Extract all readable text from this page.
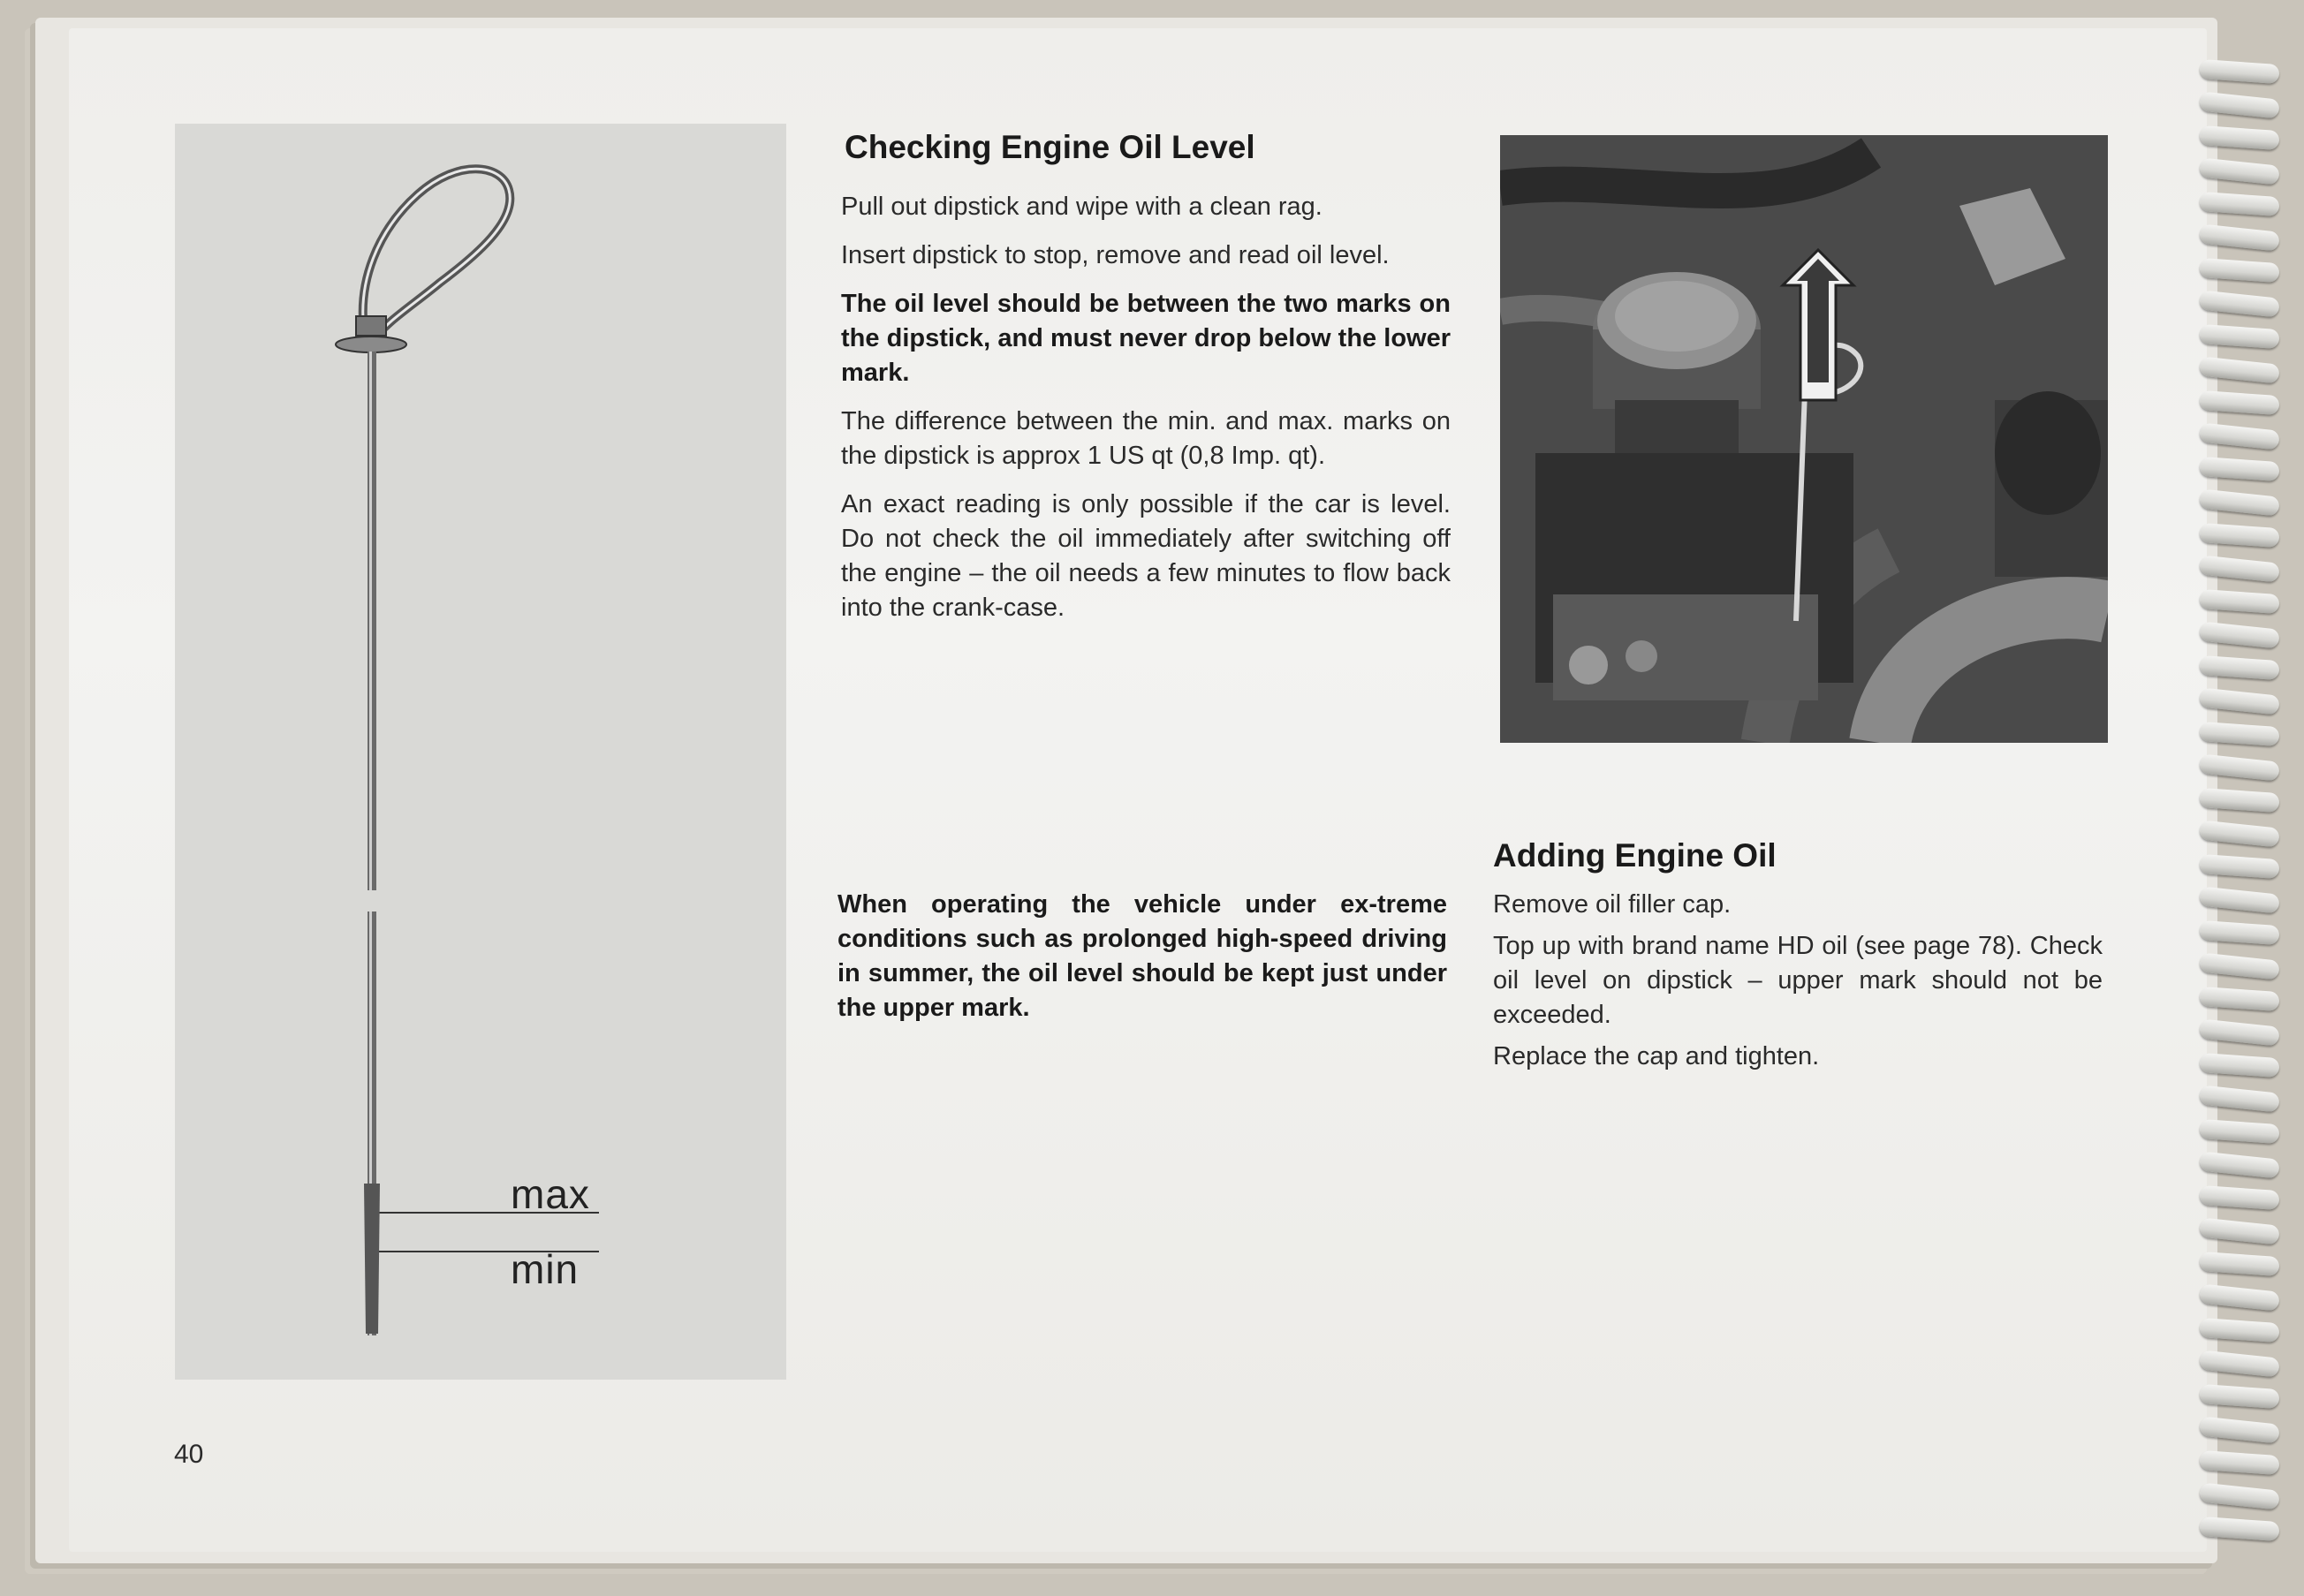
max
min
Checking Engine Oil Level

Pull out dipstick and wipe with a clean rag.

Insert dipstick to stop, remove and read oil level.

The oil level should be between the two marks on the dipstick, and must never drop below the lower mark.

The difference between the min. and max. marks on the dipstick is approx 1 US qt (0,8 Imp. qt).

An exact reading is only possible if the car is level. Do not check the oil immediately after switching off the engine – the oil needs a few minutes to flow back into the crank-case.

When operating the vehicle under ex-treme conditions such as prolonged high-speed driving in summer, the oil level should be kept just under the upper mark.

Adding Engine Oil

Remove oil filler cap.

Top up with brand name HD oil (see page 78). Check oil level on dipstick – upper mark should not be exceeded.

Replace the cap and tighten.

40
